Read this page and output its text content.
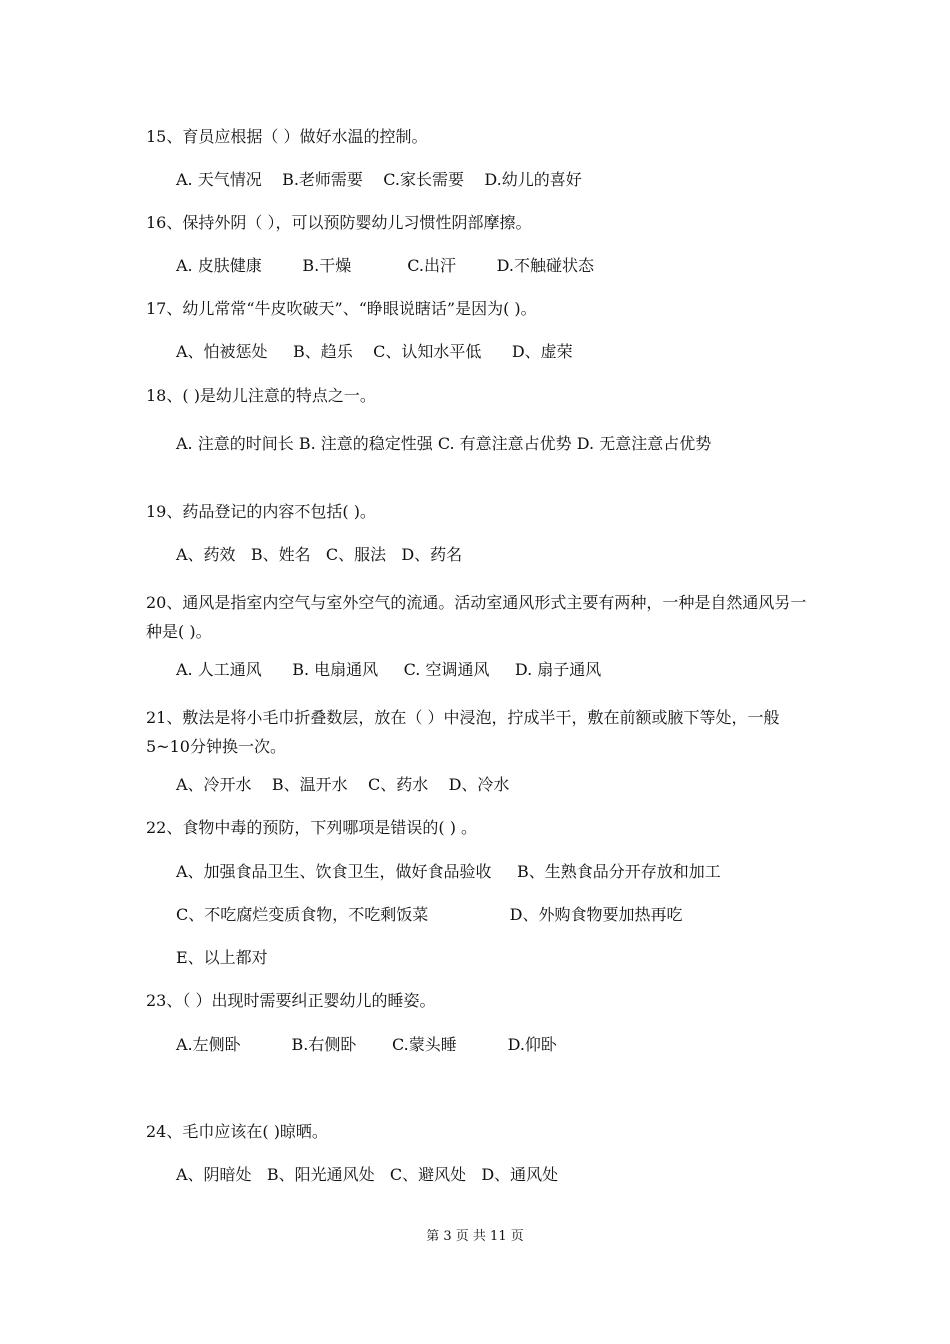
15、育员应根据（ ）做好水温的控制。
A. 天气情况    B.老师需要    C.家长需要    D.幼儿的喜好
16、保持外阴（ ），可以预防婴幼儿习惯性阴部摩擦。
A. 皮肤健康        B.干燥           C.出汗        D.不触碰状态
17、幼儿常常“牛皮吹破天”、“睁眼说瞎话”是因为( )。
A、怕被惩处     B、趋乐    C、认知水平低      D、虚荣
18、( )是幼儿注意的特点之一。
A. 注意的时间长 B. 注意的稳定性强 C. 有意注意占优势 D. 无意注意占优势
19、药品登记的内容不包括( )。
A、药效   B、姓名   C、服法   D、药名
20、通风是指室内空气与室外空气的流通。活动室通风形式主要有两种，一种是自然通风另一种是( )。
A. 人工通风      B. 电扇通风     C. 空调通风     D. 扇子通风
21、敷法是将小毛巾折叠数层，放在（ ）中浸泡，拧成半干，敷在前额或腋下等处，一般5~10分钟换一次。
A、冷开水    B、温开水    C、药水    D、冷水
22、食物中毒的预防，下列哪项是错误的( ) 。
A、加强食品卫生、饮食卫生，做好食品验收     B、生熟食品分开存放和加工
C、不吃腐烂变质食物，不吃剩饭菜                D、外购食物要加热再吃
E、以上都对
23、（ ）出现时需要纠正婴幼儿的睡姿。
A.左侧卧          B.右侧卧       C.蒙头睡          D.仰卧
24、毛巾应该在( )晾晒。
A、阴暗处   B、阳光通风处   C、避风处   D、通风处
第 3 页 共 11 页
